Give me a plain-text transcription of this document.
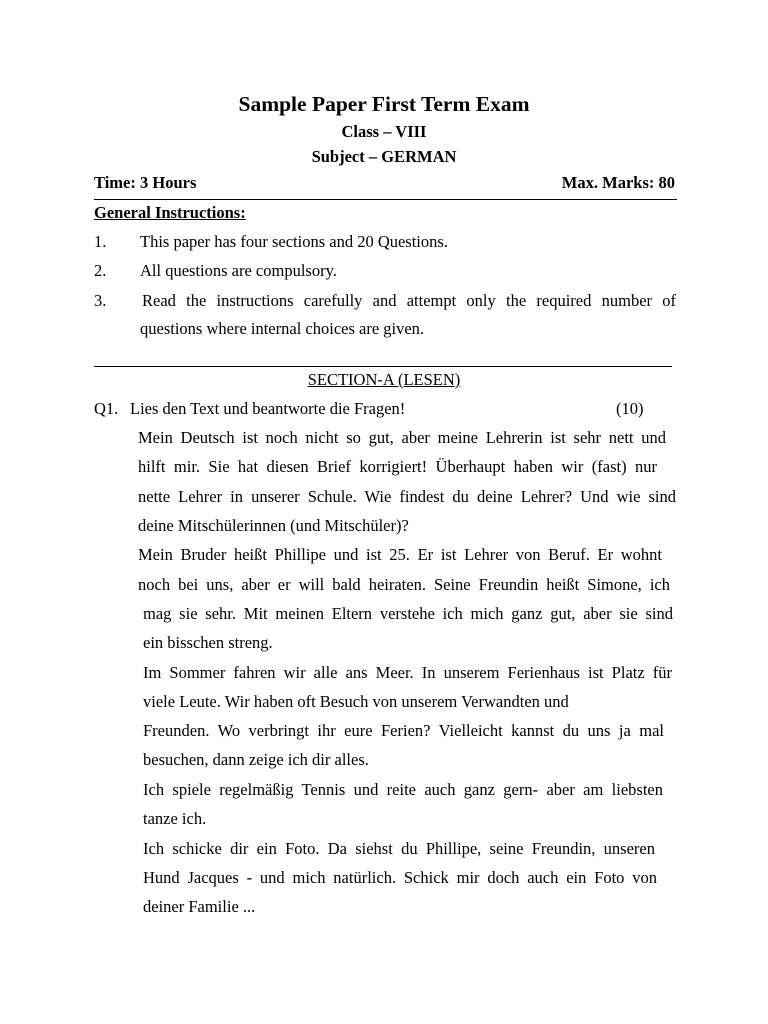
Sample Paper First Term Exam
Class – VIII
Subject – GERMAN
Time: 3 Hours	Max. Marks: 80
General Instructions:
1. This paper has four sections and 20 Questions.
2. All questions are compulsory.
3. Read the instructions carefully and attempt only the required number of
questions where internal choices are given.
SECTION-A (LESEN)
Q1. Lies den Text und beantworte die Fragen!	(10)
Mein Deutsch ist noch nicht so gut, aber meine Lehrerin ist sehr nett und
hilft mir. Sie hat diesen Brief korrigiert! Überhaupt haben wir (fast) nur
nette Lehrer in unserer Schule. Wie findest du deine Lehrer? Und wie sind
deine Mitschülerinnen (und Mitschüler)?
Mein Bruder heißt Phillipe und ist 25. Er ist Lehrer von Beruf. Er wohnt
noch bei uns, aber er will bald heiraten. Seine Freundin heißt Simone, ich
mag sie sehr. Mit meinen Eltern verstehe ich mich ganz gut, aber sie sind
ein bisschen streng.
Im Sommer fahren wir alle ans Meer. In unserem Ferienhaus ist Platz für
viele Leute. Wir haben oft Besuch von unserem Verwandten und
Freunden. Wo verbringt ihr eure Ferien? Vielleicht kannst du uns ja mal
besuchen, dann zeige ich dir alles.
Ich spiele regelmäßig Tennis und reite auch ganz gern- aber am liebsten
tanze ich.
Ich schicke dir ein Foto. Da siehst du Phillipe, seine Freundin, unseren
Hund Jacques - und mich natürlich. Schick mir doch auch ein Foto von
deiner Familie ...
